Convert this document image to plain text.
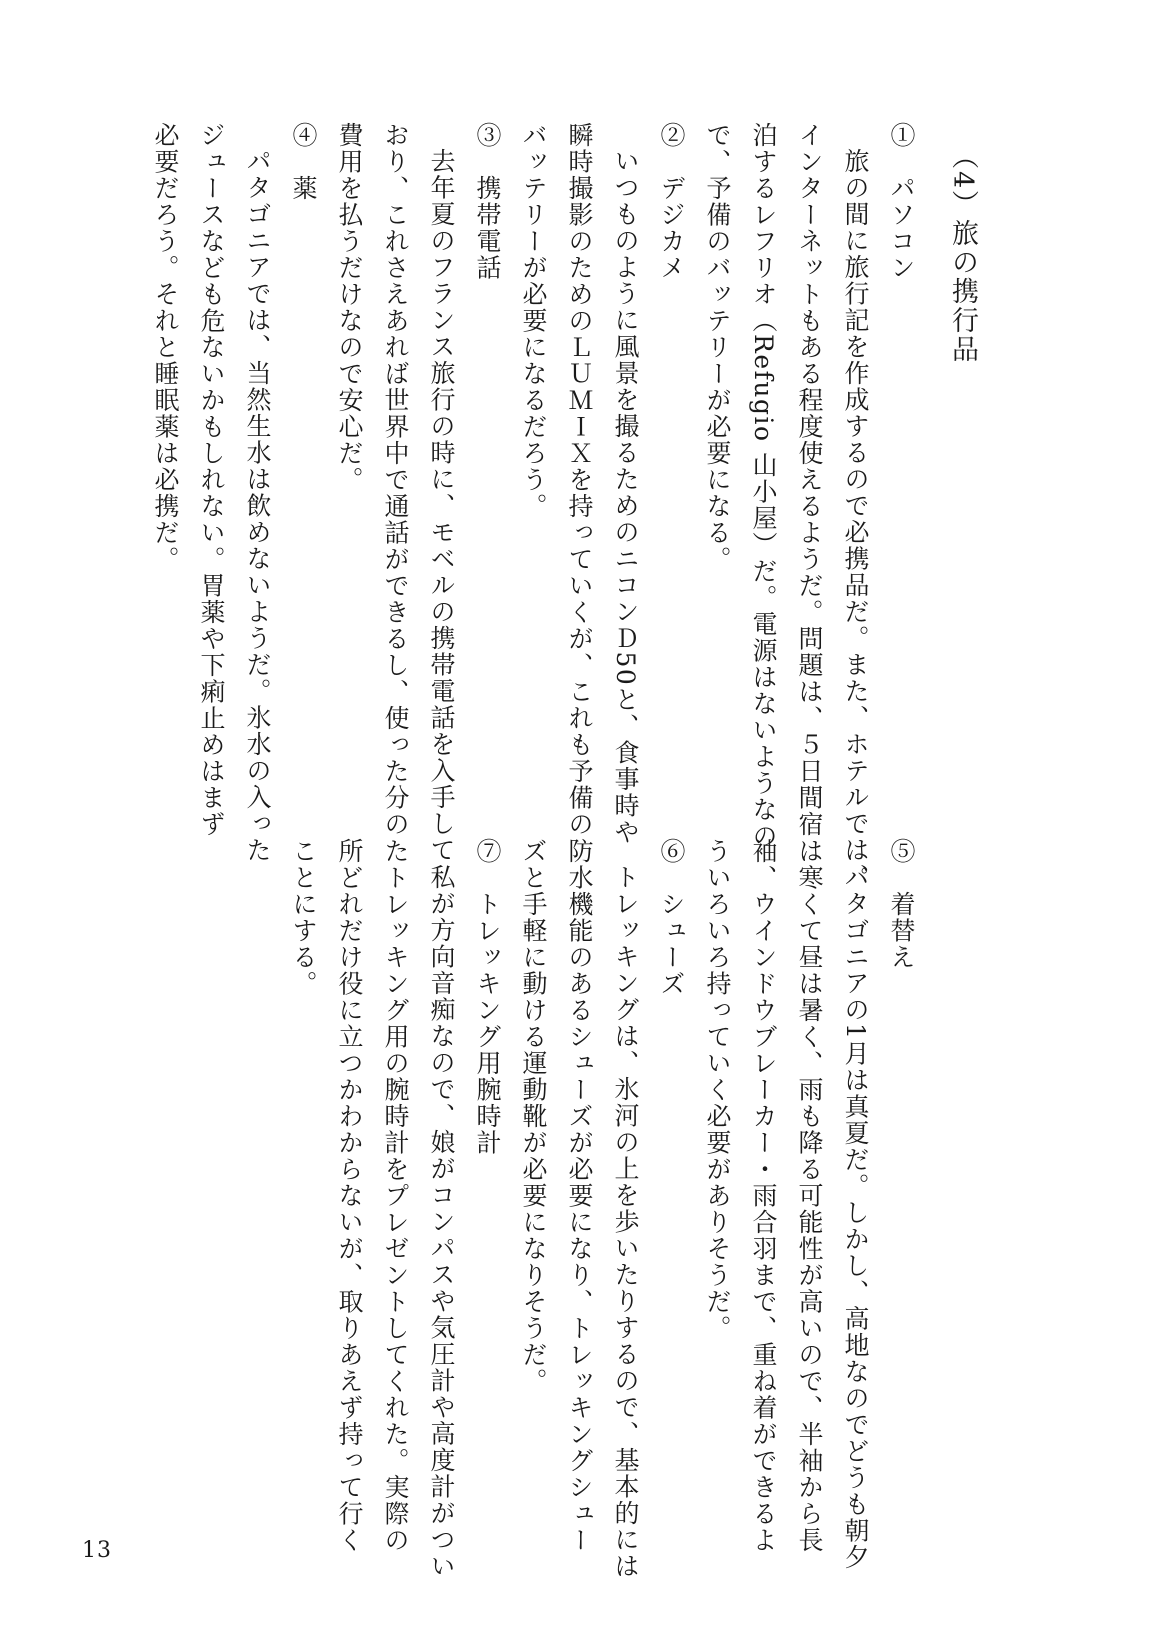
（4）旅の携行品

①　パソコン

旅の間に旅行記を作成するので必携品だ。また、ホテルでは、

インターネットもある程度使えるようだ。問題は、５日間宿

泊するレフリオ（Refugio 山小屋）だ。電源はないようなの

で、予備のバッテリーが必要になる。

②　デジカメ

いつものように風景を撮るためのニコンＤ50と、食事時や

瞬時撮影のためのＬＵＭＩＸを持っていくが、これも予備の

バッテリーが必要になるだろう。

③　携帯電話

去年夏のフランス旅行の時に、モベルの携帯電話を入手して

おり、これさえあれば世界中で通話ができるし、使った分の

費用を払うだけなので安心だ。

④　薬

パタゴニアでは、当然生水は飲めないようだ。氷水の入った

ジュースなども危ないかもしれない。胃薬や下痢止めはまず

必要だろう。それと睡眠薬は必携だ。

⑤　着替え

パタゴニアの1月は真夏だ。しかし、高地なのでどうも朝夕

は寒くて昼は暑く、雨も降る可能性が高いので、半袖から長

袖、ウインドウブレーカー・雨合羽まで、重ね着ができるよ

ういろいろ持っていく必要がありそうだ。

⑥　シューズ

トレッキングは、氷河の上を歩いたりするので、基本的には

防水機能のあるシューズが必要になり、トレッキングシュー

ズと手軽に動ける運動靴が必要になりそうだ。

⑦　トレッキング用腕時計

私が方向音痴なので、娘がコンパスや気圧計や高度計がつい

たトレッキング用の腕時計をプレゼントしてくれた。実際の

所どれだけ役に立つかわからないが、取りあえず持って行く

ことにする。

13
